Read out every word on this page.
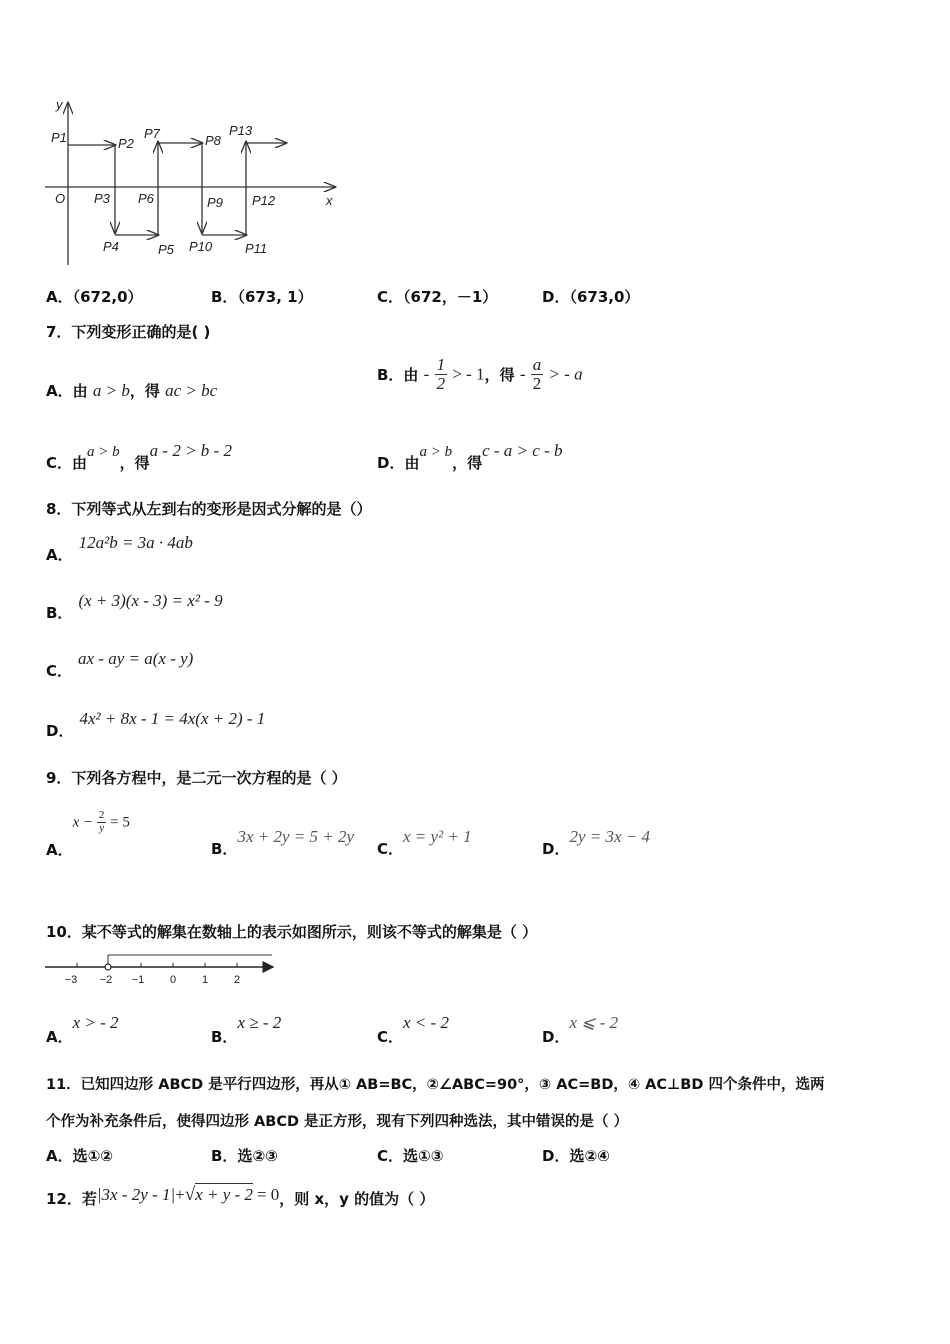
y
x
O
P1	P2
P7	P8
P13
P3 P6	P9 P12
P4	P5 P10	P11
A．（672,0）	B．（673, 1）	C．（672，－1）	D．（673,0）
7．下列变形正确的是( )
A．由 a > b，得 ac > bc
B．由 - $\frac{1}{2}$ > - 1，得 - $\frac{a}{2}$ > - a
C．由a > b，得a - 2 > b - 2
D．由a > b，得c - a > c - b
8．下列等式从左到右的变形是因式分解的是（）
A．12a²b = 3a · 4ab
B．(x + 3)(x - 3) = x² - 9
C．ax - ay = a(x - y)
D．4x² + 8x - 1 = 4x(x + 2) - 1
9．下列各方程中，是二元一次方程的是（ ）
A．$x - \frac{2}{y} = 5$
B．3x + 2y = 5 + 2y
C．x = y² + 1
D．2y = 3x − 4
10．某不等式的解集在数轴上的表示如图所示，则该不等式的解集是（ ）
−3 −2 −1 0 1 2
A．x > - 2
B．x ≥ - 2
C．x < - 2
D．x ⩽ - 2
11．已知四边形 ABCD 是平行四边形，再从① AB=BC，②∠ABC=90°，③ AC=BD，④ AC⊥BD 四个条件中，选两
个作为补充条件后，使得四边形 ABCD 是正方形，现有下列四种选法，其中错误的是（ ）
A．选①②	B．选②③	C．选①③	D．选②④
12．若|3x - 2y - 1|+√x + y - 2 = 0，则 x，y 的值为（ ）
